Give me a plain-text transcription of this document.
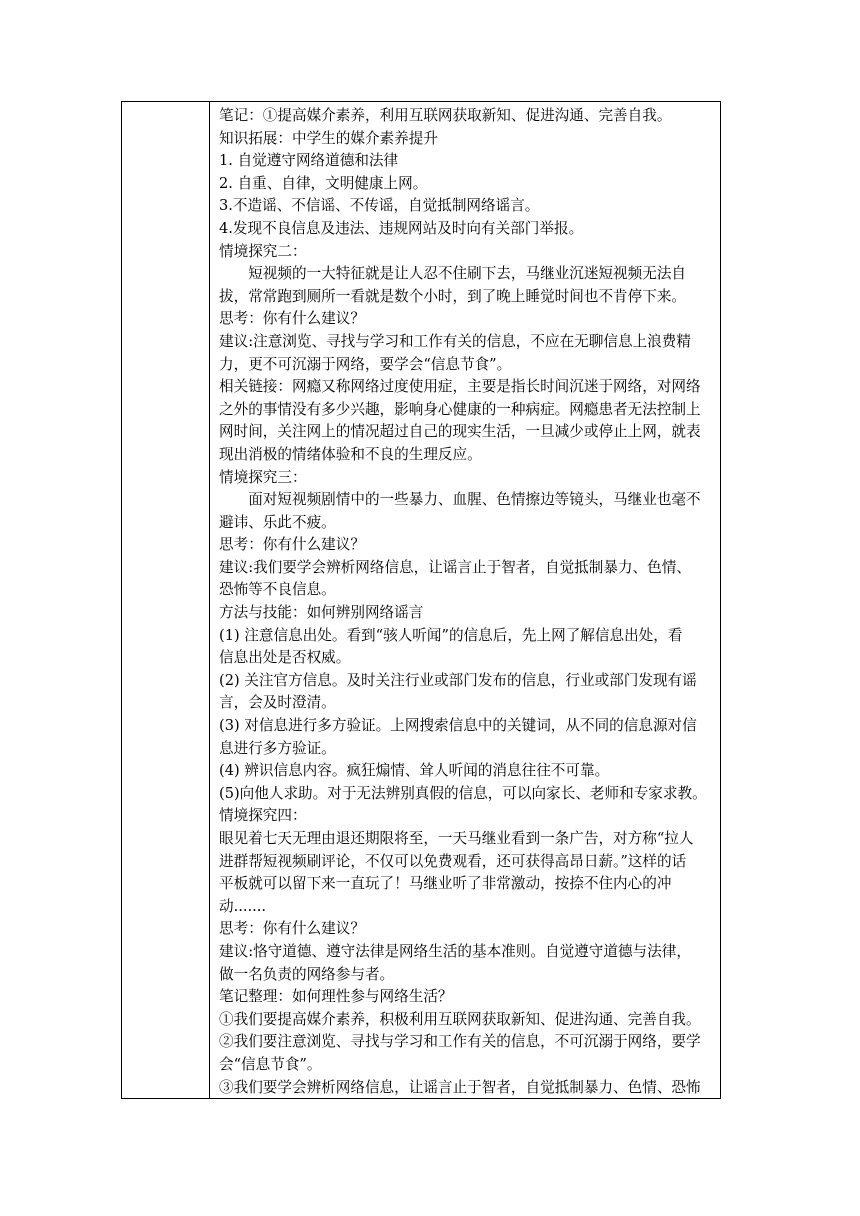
笔记：①提高媒介素养，利用互联网获取新知、促进沟通、完善自我。

知识拓展：中学生的媒介素养提升

1. 自觉遵守网络道德和法律

2. 自重、自律，文明健康上网。

3.不造谣、不信谣、不传谣，自觉抵制网络谣言。

4.发现不良信息及违法、违规网站及时向有关部门举报。

情境探究二：

短视频的一大特征就是让人忍不住刷下去，马继业沉迷短视频无法自

拔，常常跑到厕所一看就是数个小时，到了晚上睡觉时间也不肯停下来。

思考：你有什么建议？

建议:注意浏览、寻找与学习和工作有关的信息，不应在无聊信息上浪费精

力，更不可沉溺于网络，要学会“信息节食”。

相关链接：网瘾又称网络过度使用症，主要是指长时间沉迷于网络，对网络

之外的事情没有多少兴趣，影响身心健康的一种病症。网瘾患者无法控制上

网时间，关注网上的情况超过自己的现实生活，一旦减少或停止上网，就表

现出消极的情绪体验和不良的生理反应。

情境探究三：

面对短视频剧情中的一些暴力、血腥、色情擦边等镜头，马继业也毫不

避讳、乐此不疲。

思考：你有什么建议？

建议:我们要学会辨析网络信息，让谣言止于智者，自觉抵制暴力、色情、

恐怖等不良信息。

方法与技能：如何辨别网络谣言

(1) 注意信息出处。看到“骇人听闻”的信息后，先上网了解信息出处，看

信息出处是否权威。

(2) 关注官方信息。及时关注行业或部门发布的信息，行业或部门发现有谣

言，会及时澄清。

(3) 对信息进行多方验证。上网搜索信息中的关键词，从不同的信息源对信

息进行多方验证。

(4) 辨识信息内容。疯狂煽情、耸人听闻的消息往往不可靠。

(5)向他人求助。对于无法辨别真假的信息，可以向家长、老师和专家求教。

情境探究四：

眼见着七天无理由退还期限将至，一天马继业看到一条广告，对方称“拉人

进群帮短视频刷评论，不仅可以免费观看，还可获得高昂日薪。”这样的话

平板就可以留下来一直玩了！马继业听了非常激动，按捺不住内心的冲

动.......

思考：你有什么建议？

建议:恪守道德、遵守法律是网络生活的基本准则。自觉遵守道德与法律，

做一名负责的网络参与者。

笔记整理：如何理性参与网络生活？

①我们要提高媒介素养，积极利用互联网获取新知、促进沟通、完善自我。

②我们要注意浏览、寻找与学习和工作有关的信息，不可沉溺于网络，要学

会“信息节食”。

③我们要学会辨析网络信息，让谣言止于智者，自觉抵制暴力、色情、恐怖
